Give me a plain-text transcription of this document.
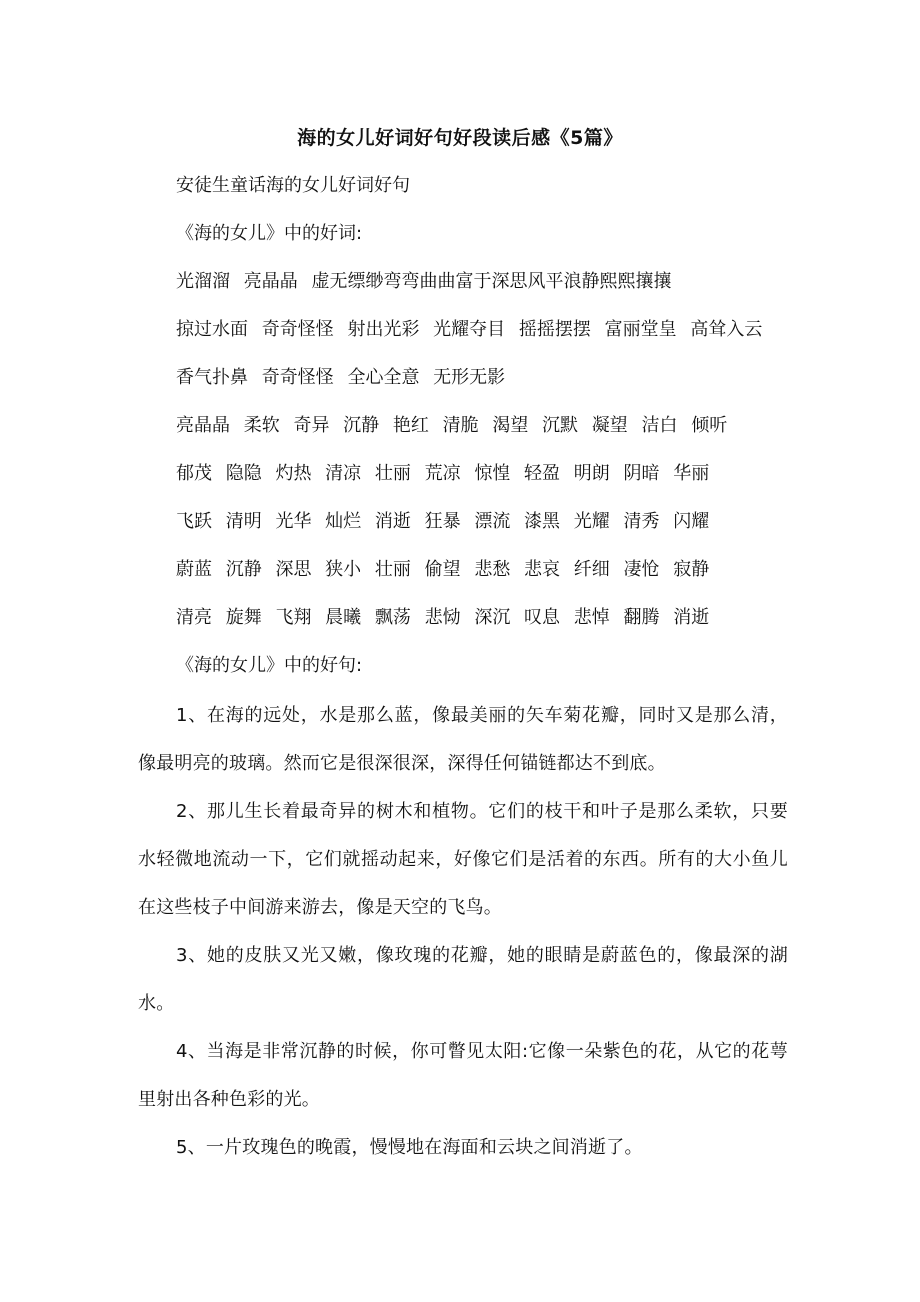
海的女儿好词好句好段读后感《5篇》
安徒生童话海的女儿好词好句
《海的女儿》中的好词:
光溜溜 亮晶晶 虚无缥缈弯弯曲曲富于深思风平浪静熙熙攘攘
掠过水面 奇奇怪怪 射出光彩 光耀夺目 摇摇摆摆 富丽堂皇 高耸入云
香气扑鼻 奇奇怪怪 全心全意 无形无影
亮晶晶 柔软 奇异 沉静 艳红 清脆 渴望 沉默 凝望 洁白 倾听
郁茂 隐隐 灼热 清凉 壮丽 荒凉 惊惶 轻盈 明朗 阴暗 华丽
飞跃 清明 光华 灿烂 消逝 狂暴 漂流 漆黑 光耀 清秀 闪耀
蔚蓝 沉静 深思 狭小 壮丽 偷望 悲愁 悲哀 纤细 凄怆 寂静
清亮 旋舞 飞翔 晨曦 飘荡 悲恸 深沉 叹息 悲悼 翻腾 消逝
《海的女儿》中的好句:
1、在海的远处，水是那么蓝，像最美丽的矢车菊花瓣，同时又是那么清，像最明亮的玻璃。然而它是很深很深，深得任何锚链都达不到底。
2、那儿生长着最奇异的树木和植物。它们的枝干和叶子是那么柔软，只要水轻微地流动一下，它们就摇动起来，好像它们是活着的东西。所有的大小鱼儿在这些枝子中间游来游去，像是天空的飞鸟。
3、她的皮肤又光又嫩，像玫瑰的花瓣，她的眼睛是蔚蓝色的，像最深的湖水。
4、当海是非常沉静的时候，你可瞥见太阳:它像一朵紫色的花，从它的花萼里射出各种色彩的光。
5、一片玫瑰色的晚霞，慢慢地在海面和云块之间消逝了。
